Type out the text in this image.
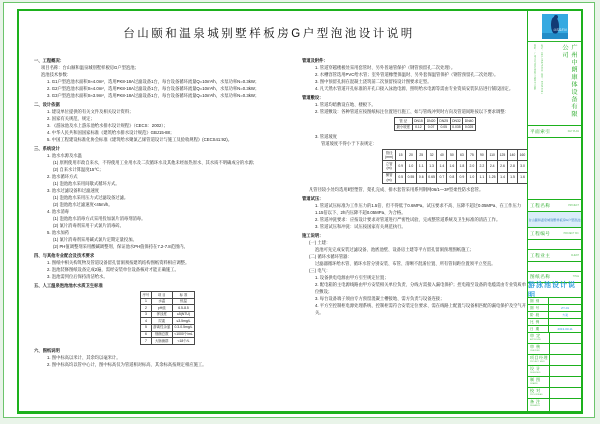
台山颐和温泉城别墅样板房G户型泡池设计说明
一、工程概况：
项目名称：台山颐和温泉城别墅样板房G户型泡池；
泡池技术参数：
1. G1户型泡池水面积S≈4.0m²，选用PK8-18A过滤设备1台，每台设备循环流量Q=10m³/h，水泵功率N=0.3kW；
2. G2户型泡池水面积S≈4.0m²，选用PK8-18A过滤设备1台，每台设备循环流量Q=10m³/h，水泵功率N=0.3kW；
3. G3户型泡池水面积S≈3.9m²，选用PK8-18A过滤设备1台，每台设备循环流量Q=10m³/h，水泵功率N=0.3kW；
二、设计依据
1. 建设单位提供的有关文件及相关设计资料；
2. 国家有关规范、规定；
3. 《游泳池及水上游乐池给水排水设计规程》（CECS：2002）；
4. 中华人民共和国国家标准《建筑给水排水设计规范》GBJ15-88；
5. 中国工程建设标准化协会标准《建筑给水聚氯乙烯管道设计与施工及验收规程》(CECS41:92)。
三、系统设计
1. 池水水源及水温
(1) 原则使用市政自来水，不得使用工业用水及二次循环水及其他未经加热原水、其水质不明确成分的水源；
(2) 自来水计算温度15℃；
2. 池水循环方式
(1) 泡池池水采用间歇式循环方式。
3. 池水过滤设备和过滤速度
(1) 泡池池水采用压力式过滤设备过滤。
(2) 泡池池水过滤速度<45m/h。
4. 池水消毒
(1) 泡池池水消毒方式采用投加氯片消毒剂消毒。
(2) 氯片消毒剂采用干式氯片消毒砖。
5. 池水加药
(1) 氯片消毒剂采用碱式氯片定期定量投加。
(2) PH值调整剂采用酸碱调整剂、保证池水PH值保持在7.2-7.8范围内。
四、与其他专业配合及技术要求
1. 图纸中相关构筑物及管道设备留孔留洞须按建筑结构图纸资料相应调整。
2. 泡池装修图纸设备完成2遍，需经安装单位设备核对才能正确施工。
3. 泡池需到位后保持清洁给水。
五、人工温泉泡池池水水质卫生标准
序号	项 目	标 准
1	水温	恒温
2	pH值	6.5-8.5
3	浑浊度	≤5(NTU)
4	尿素	≤3.5mg/L
5	游离性余氯	0.3-0.5mg/L
6	细菌总数	<1000个/mL
7	大肠菌群	<18个/L
六、图纸说明
1. 图中标高以米计、其余均以毫米计。
2. 图中标高均以管中心计，图中标高仅为管道相对标高、其余标高按规定相应施工。
管道及附件：
1. 管道穿越楼板处采用套管时、另外普通管保护（钢管预留孔二次处理）。
2. 水槽容管选用PVC给水管；室外管道橡塑保温时、另外套保温管保护（钢管预留孔二次处理）。
3. 图中预留孔洞在混凝土浇筑前二次预留按设计图要求定型。
4. 凡天然水管道开孔标准的开孔口接入泳池电源、照明给水电源等需由专业资质安装队伍进行铺设固定。
管道敷设：
1. 管道均暗敷设在地、楼板下。
2. 管道敷设：各种管道应按图纸标注位置进行施工、如与管线冲突时方向及管道间距按以下要求调整：
管 径	DN15	DN20	DN25	DN32	DN40
最小坡度	0.12	0.07	0.05	0.035	0.025
3. 管道坡度
管道坡度不得小于下表规定：
管径(mm)	15	20	25	32	40	50	63	75	90	110	125	140	160
立管(m)	0.9	1.0	1.1	1.3	1.4	1.6	1.8	2.0	2.2	2.4	2.6	2.8	3.0
横管(m)	0.5	0.55	0.6	0.65	0.7	0.8	0.9	1.0	1.1	1.25	1.4	1.5	1.6
凡管径较小处均选用Ⅱ型塑管、架孔完成、排水套管采用系列钢网06/1—3#型柔性防水套管。
管道试压：
1. 管道试压标准为工作压力的1.5倍、但不得低于0.6MPa。试压要求不高、压降不超过0.05MPa、在工作压力1.15倍以下、2h内压降不超0.05MPa、为合格。
2. 管道冲洗要求：应按设计要求对管道进行严密性试验、完成整管道系统及卫生标准的清洁工作。
3. 管道试压和冲洗：试压按国家有关规范执行。
施工说明：
(一) 土建：
泡池可先完成安装过滤设备、池底池壁、设备房土建等平方留孔留洞预埋图纸施工；
(二) 循环水循环管器：
过滤器循环给水管、循环水管分别安装、布管、清晰不混淆位置、所有管间距位置须平立竖直。
(三) 电气：
1. 设备供电电源由甲方引至规定位置；
2. 配电箱的主电源线路由甲方安装相关单位负责、分线方需接入漏电保护；控电箱至设备的电缆需由专业资质单位敷设；
3. 每台设备端子须由专方预留混凝土槽接地、需方负责与设备连接；
4. 平方至控制柜电源处理系统、控制柜需符合安装定位要求、需在线路上配置与设备相匹配的漏电保护及空气开关。
USSEN
地址：广州市天河区黄埔大道西平云路	电话：020-38473360 传真：38473361	广州中朗康体设备有限公司
平面索引	KEY PLAN
工程名称	PROJECT
台山颐和温泉城别墅样板房G户型泡池
工程编号	PROJECT NO.
工程业主	CLIENT
图纸名称	TITLE
游泳池设计说明
图 别
图 号	ZY-01
阶 段	方案
比 例
日 期	2013-03-11
审 定
APPROVED
审 核
CHECKED
项目经理
PROJECT MGR
设 计
DESIGNED
制 图
DRAWN
校 对
PROOFREAD
备 注
REMARKS
